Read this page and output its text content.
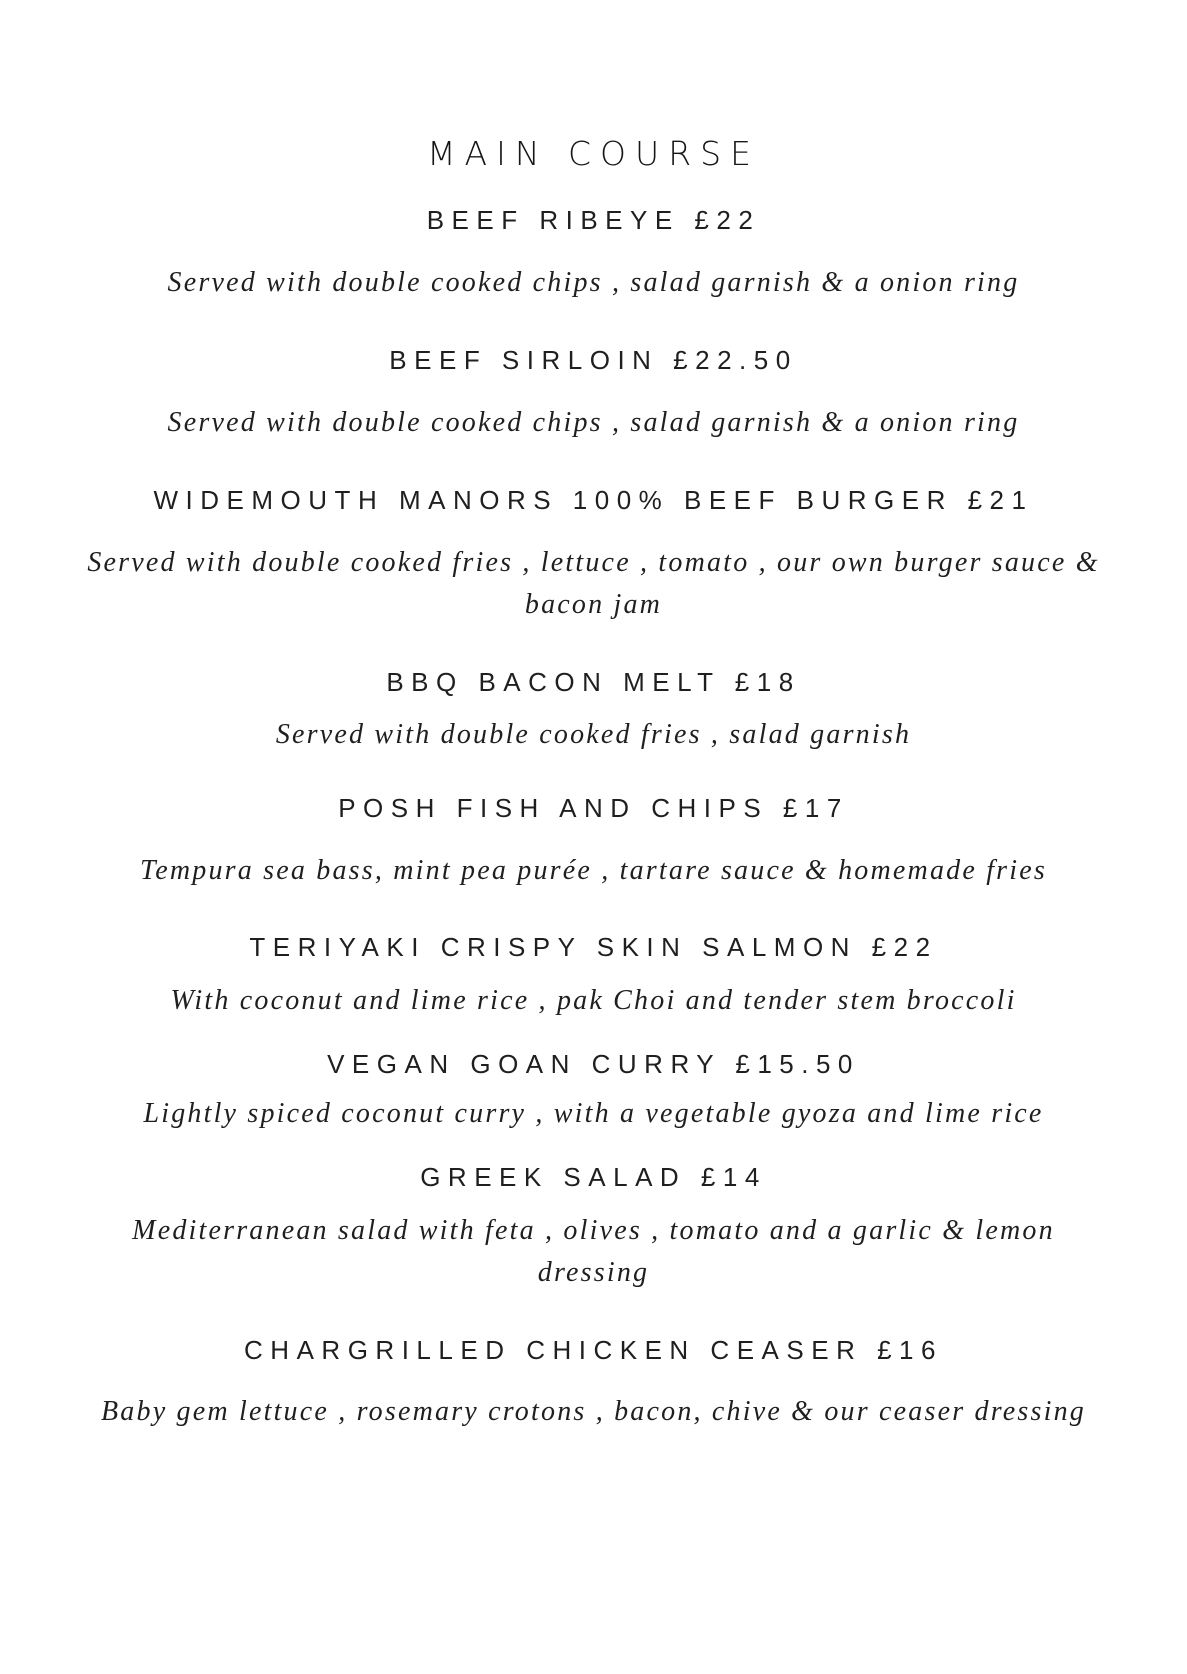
MAIN COURSE

BEEF RIBEYE £22

Served with double cooked chips , salad garnish & a onion ring

BEEF SIRLOIN £22.50

Served with double cooked chips , salad garnish & a onion ring

WIDEMOUTH MANORS 100% BEEF BURGER £21

Served with double cooked fries , lettuce , tomato , our own burger sauce &

bacon jam

BBQ BACON MELT £18

Served with double cooked fries , salad garnish

POSH FISH AND CHIPS £17

Tempura sea bass, mint pea purée , tartare sauce & homemade fries

TERIYAKI CRISPY SKIN SALMON £22

With coconut and lime rice , pak Choi and tender stem broccoli

VEGAN GOAN CURRY £15.50

Lightly spiced coconut curry , with a vegetable gyoza and lime rice

GREEK SALAD £14

Mediterranean salad with feta , olives , tomato and a garlic & lemon

dressing

CHARGRILLED CHICKEN CEASER £16

Baby gem lettuce , rosemary crotons , bacon, chive & our ceaser dressing
